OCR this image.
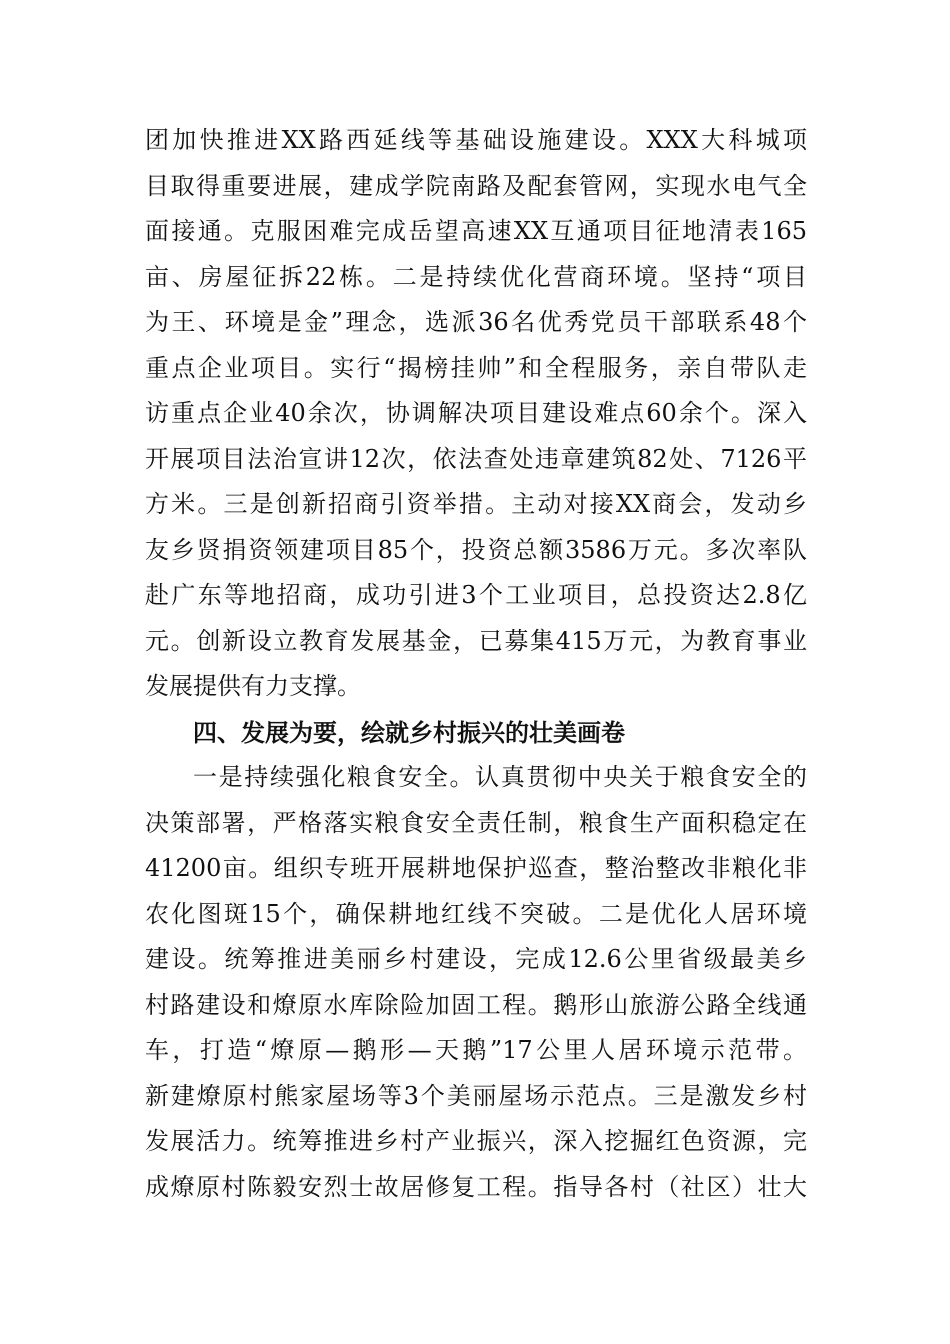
团加快推进XX路西延线等基础设施建设。XXX大科城项
目取得重要进展，建成学院南路及配套管网，实现水电气全
面接通。克服困难完成岳望高速XX互通项目征地清表165
亩、房屋征拆22栋。二是持续优化营商环境。坚持“项目
为王、环境是金”理念，选派36名优秀党员干部联系48个
重点企业项目。实行“揭榜挂帅”和全程服务，亲自带队走
访重点企业40余次，协调解决项目建设难点60余个。深入
开展项目法治宣讲12次，依法查处违章建筑82处、7126平
方米。三是创新招商引资举措。主动对接XX商会，发动乡
友乡贤捐资领建项目85个，投资总额3586万元。多次率队
赴广东等地招商，成功引进3个工业项目，总投资达2.8亿
元。创新设立教育发展基金，已募集415万元，为教育事业
发展提供有力支撑。
四、发展为要，绘就乡村振兴的壮美画卷
一是持续强化粮食安全。认真贯彻中央关于粮食安全的
决策部署，严格落实粮食安全责任制，粮食生产面积稳定在
41200亩。组织专班开展耕地保护巡查，整治整改非粮化非
农化图斑15个，确保耕地红线不突破。二是优化人居环境
建设。统筹推进美丽乡村建设，完成12.6公里省级最美乡
村路建设和燎原水库除险加固工程。鹅形山旅游公路全线通
车，打造“燎原—鹅形—天鹅”17公里人居环境示范带。
新建燎原村熊家屋场等3个美丽屋场示范点。三是激发乡村
发展活力。统筹推进乡村产业振兴，深入挖掘红色资源，完
成燎原村陈毅安烈士故居修复工程。指导各村（社区）壮大
